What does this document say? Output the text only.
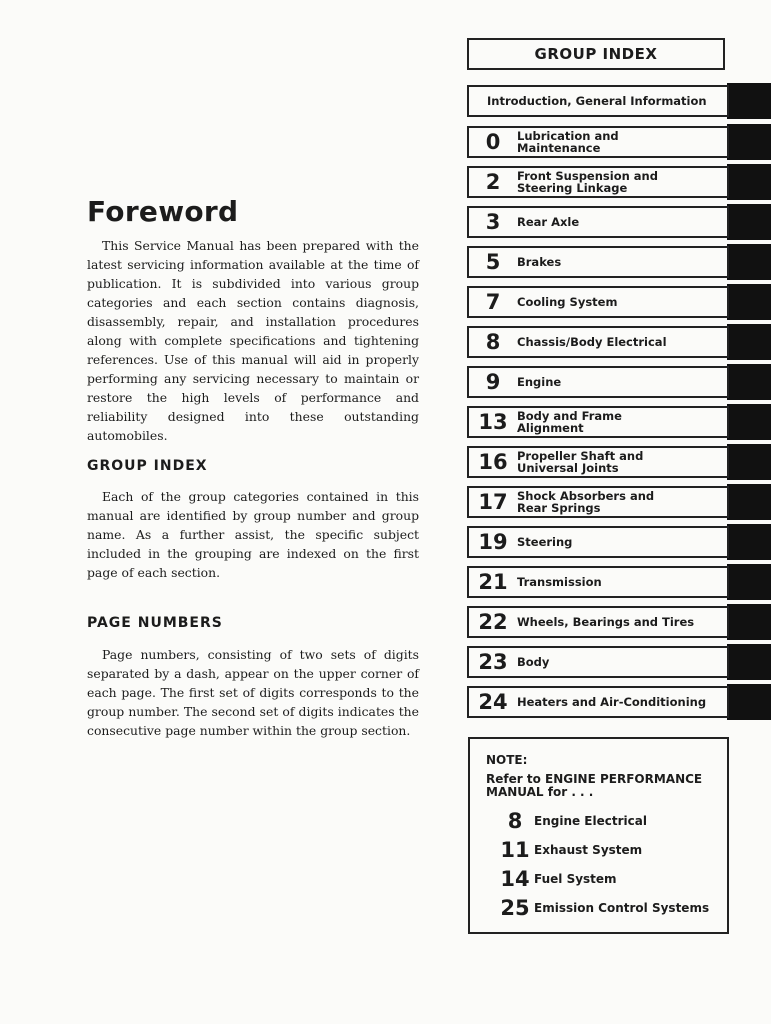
Foreword

This Service Manual has been prepared with the latest servicing information available at the time of publication. It is subdivided into various group categories and each section contains diagnosis, disassembly, repair, and installation procedures along with complete specifications and tightening references. Use of this manual will aid in properly performing any servicing necessary to maintain or restore the high levels of performance and reliability designed into these outstanding automobiles.

GROUP INDEX

Each of the group categories contained in this manual are identified by group number and group name. As a further assist, the specific subject included in the grouping are indexed on the first page of each section.

PAGE NUMBERS

Page numbers, consisting of two sets of digits separated by a dash, appear on the upper corner of each page. The first set of digits corresponds to the group number. The second set of digits indicates the consecutive page number within the group section.

GROUP INDEX
Introduction, General Information
0	Lubrication and
Maintenance
2	Front Suspension and
Steering Linkage
3	Rear Axle
5	Brakes
7	Cooling System
8	Chassis/Body Electrical
9	Engine
13 Body and Frame
Alignment
16 Propeller Shaft and
Universal Joints
17 Shock Absorbers and
Rear Springs
19 Steering
21 Transmission
22 Wheels, Bearings and Tires
23 Body
24 Heaters and Air-Conditioning
NOTE:
Refer to ENGINE PERFORMANCE MANUAL for . . .
8 Engine Electrical
11 Exhaust System
14 Fuel System
25 Emission Control Systems
